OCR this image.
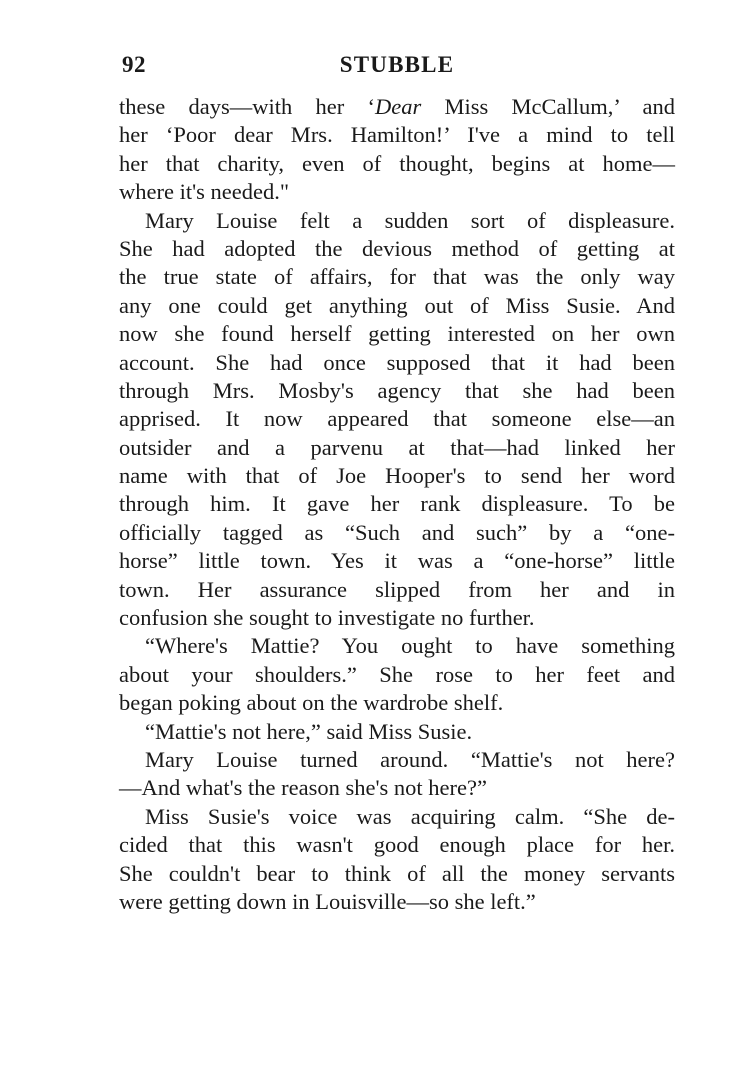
92	STUBBLE
these days—with her ‘Dear Miss McCallum,’ and
her ‘Poor dear Mrs. Hamilton!’ I've a mind to tell
her that charity, even of thought, begins at home—
where it's needed."
Mary Louise felt a sudden sort of displeasure.
She had adopted the devious method of getting at
the true state of affairs, for that was the only way
any one could get anything out of Miss Susie. And
now she found herself getting interested on her own
account. She had once supposed that it had been
through Mrs. Mosby's agency that she had been
apprised. It now appeared that someone else—an
outsider and a parvenu at that—had linked her
name with that of Joe Hooper's to send her word
through him. It gave her rank displeasure. To be
officially tagged as “Such and such” by a “one-
horse” little town. Yes it was a “one-horse” little
town. Her assurance slipped from her and in
confusion she sought to investigate no further.
“Where's Mattie? You ought to have something
about your shoulders.” She rose to her feet and
began poking about on the wardrobe shelf.
“Mattie's not here,” said Miss Susie.
Mary Louise turned around. “Mattie's not here?
—And what's the reason she's not here?”
Miss Susie's voice was acquiring calm. “She de-
cided that this wasn't good enough place for her.
She couldn't bear to think of all the money servants
were getting down in Louisville—so she left.”
